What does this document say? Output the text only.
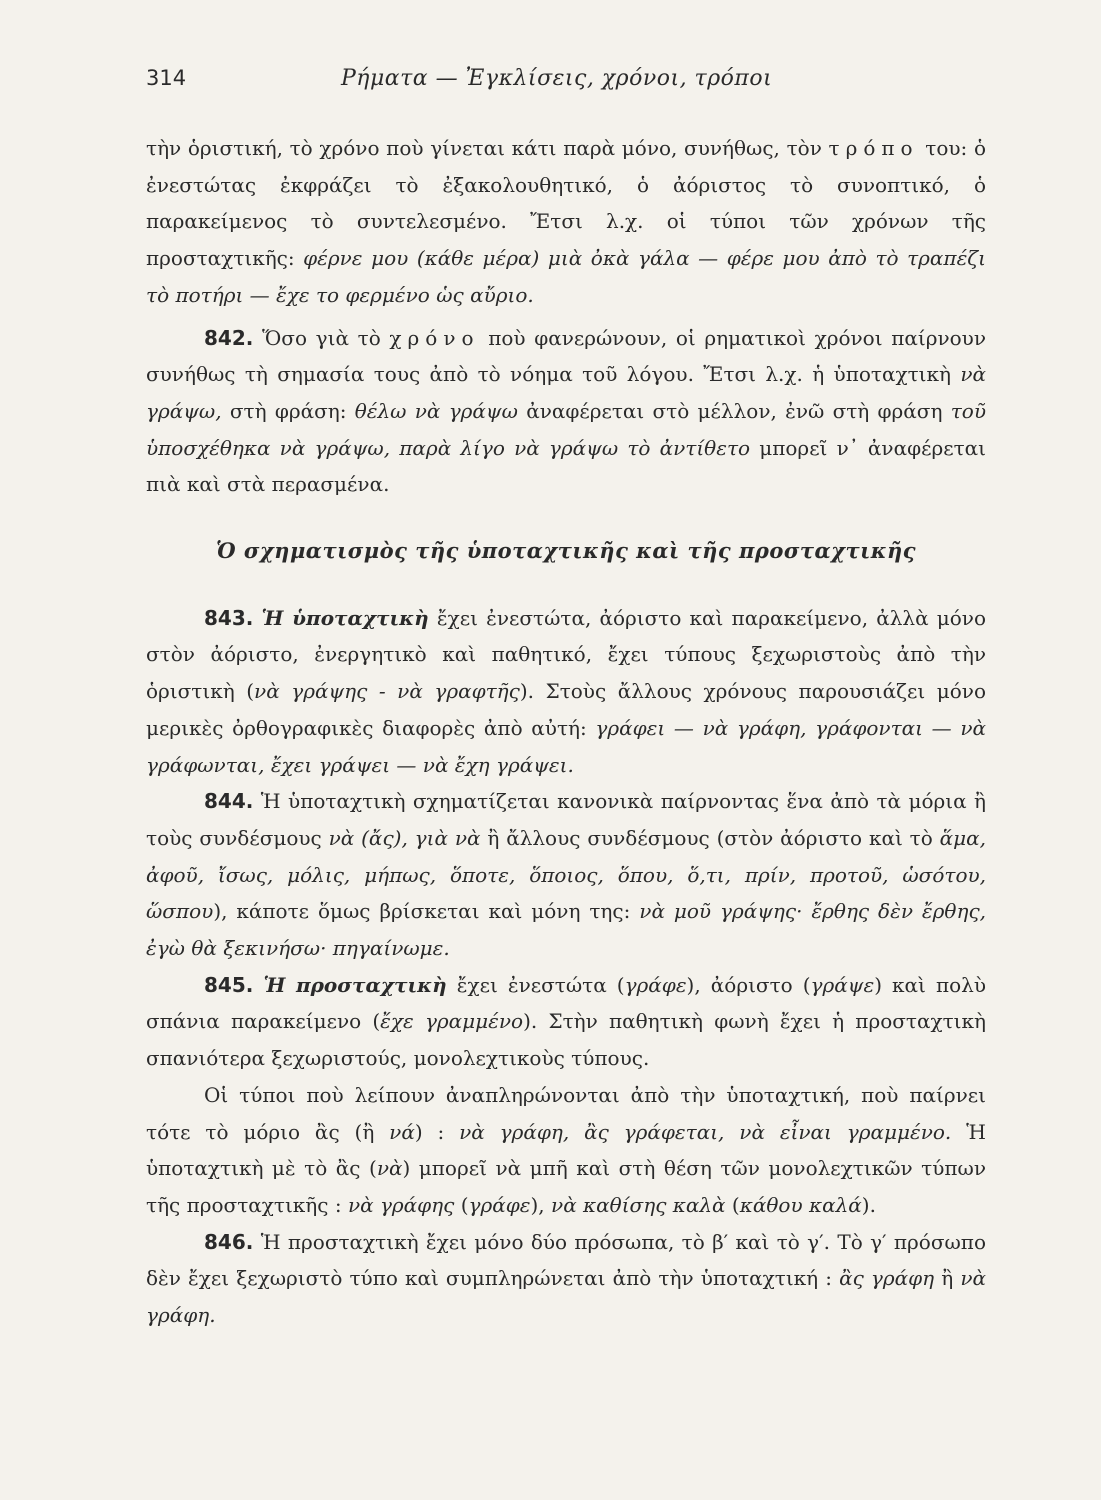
314	Ρήματα — Ἐγκλίσεις, χρόνοι, τρόποι

τὴν ὁριστική, τὸ χρόνο ποὺ γίνεται κάτι παρὰ μόνο, συνήθως, τὸν τρόπο του: ὁ ἐνεστώτας ἐκφράζει τὸ ἐξακολουθητικό, ὁ ἀόριστος τὸ συνοπτικό, ὁ παρακείμενος τὸ συντελεσμένο. Ἔτσι λ.χ. οἱ τύποι τῶν χρόνων τῆς προσταχτικῆς: φέρνε μου (κάθε μέρα) μιὰ ὀκὰ γάλα — φέρε μου ἀπὸ τὸ τραπέζι τὸ ποτήρι — ἔχε το φερμένο ὡς αὔριο.

842. Ὅσο γιὰ τὸ χρόνο ποὺ φανερώνουν, οἱ ρηματικοὶ χρόνοι παίρνουν συνήθως τὴ σημασία τους ἀπὸ τὸ νόημα τοῦ λόγου. Ἔτσι λ.χ. ἡ ὑποταχτικὴ νὰ γράψω, στὴ φράση: θέλω νὰ γράψω ἀναφέρεται στὸ μέλλον, ἐνῶ στὴ φράση τοῦ ὑποσχέθηκα νὰ γράψω, παρὰ λίγο νὰ γράψω τὸ ἀντίθετο μπορεῖ ν᾿ ἀναφέρεται πιὰ καὶ στὰ περασμένα.

Ὁ σχηματισμὸς τῆς ὑποταχτικῆς καὶ τῆς προσταχτικῆς

843. Ἡ ὑποταχτικὴ ἔχει ἐνεστώτα, ἀόριστο καὶ παρακείμενο, ἀλλὰ μόνο στὸν ἀόριστο, ἐνεργητικὸ καὶ παθητικό, ἔχει τύπους ξεχωριστοὺς ἀπὸ τὴν ὁριστικὴ (νὰ γράψης - νὰ γραφτῆς). Στοὺς ἄλλους χρόνους παρουσιάζει μόνο μερικὲς ὀρθογραφικὲς διαφορὲς ἀπὸ αὐτή: γράφει — νὰ γράφη, γράφονται — νὰ γράφωνται, ἔχει γράψει — νὰ ἔχη γράψει.

844. Ἡ ὑποταχτικὴ σχηματίζεται κανονικὰ παίρνοντας ἕνα ἀπὸ τὰ μόρια ἢ τοὺς συνδέσμους νὰ (ἄς), γιὰ νὰ ἢ ἄλλους συνδέσμους (στὸν ἀόριστο καὶ τὸ ἅμα, ἀφοῦ, ἴσως, μόλις, μήπως, ὅποτε, ὅποιος, ὅπου, ὅ,τι, πρίν, προτοῦ, ὡσότου, ὥσπου), κάποτε ὅμως βρίσκεται καὶ μόνη της: νὰ μοῦ γράψης· ἔρθης δὲν ἔρθης, ἐγὼ θὰ ξεκινήσω· πηγαίνωμε.

845. Ἡ προσταχτικὴ ἔχει ἐνεστώτα (γράφε), ἀόριστο (γράψε) καὶ πολὺ σπάνια παρακείμενο (ἔχε γραμμένο). Στὴν παθητικὴ φωνὴ ἔχει ἡ προσταχτικὴ σπανιότερα ξεχωριστούς, μονολεχτικοὺς τύπους.

Οἱ τύποι ποὺ λείπουν ἀναπληρώνονται ἀπὸ τὴν ὑποταχτική, ποὺ παίρνει τότε τὸ μόριο ἂς (ἢ νά) : νὰ γράφη, ἂς γράφεται, νὰ εἶναι γραμμένο. Ἡ ὑποταχτικὴ μὲ τὸ ἂς (νὰ) μπορεῖ νὰ μπῆ καὶ στὴ θέση τῶν μονολεχτικῶν τύπων τῆς προσταχτικῆς : νὰ γράφης (γράφε), νὰ καθίσης καλὰ (κάθου καλά).

846. Ἡ προσταχτικὴ ἔχει μόνο δύο πρόσωπα, τὸ β′ καὶ τὸ γ′. Τὸ γ′ πρόσωπο δὲν ἔχει ξεχωριστὸ τύπο καὶ συμπληρώνεται ἀπὸ τὴν ὑποταχτική : ἂς γράφη ἢ νὰ γράφη.
